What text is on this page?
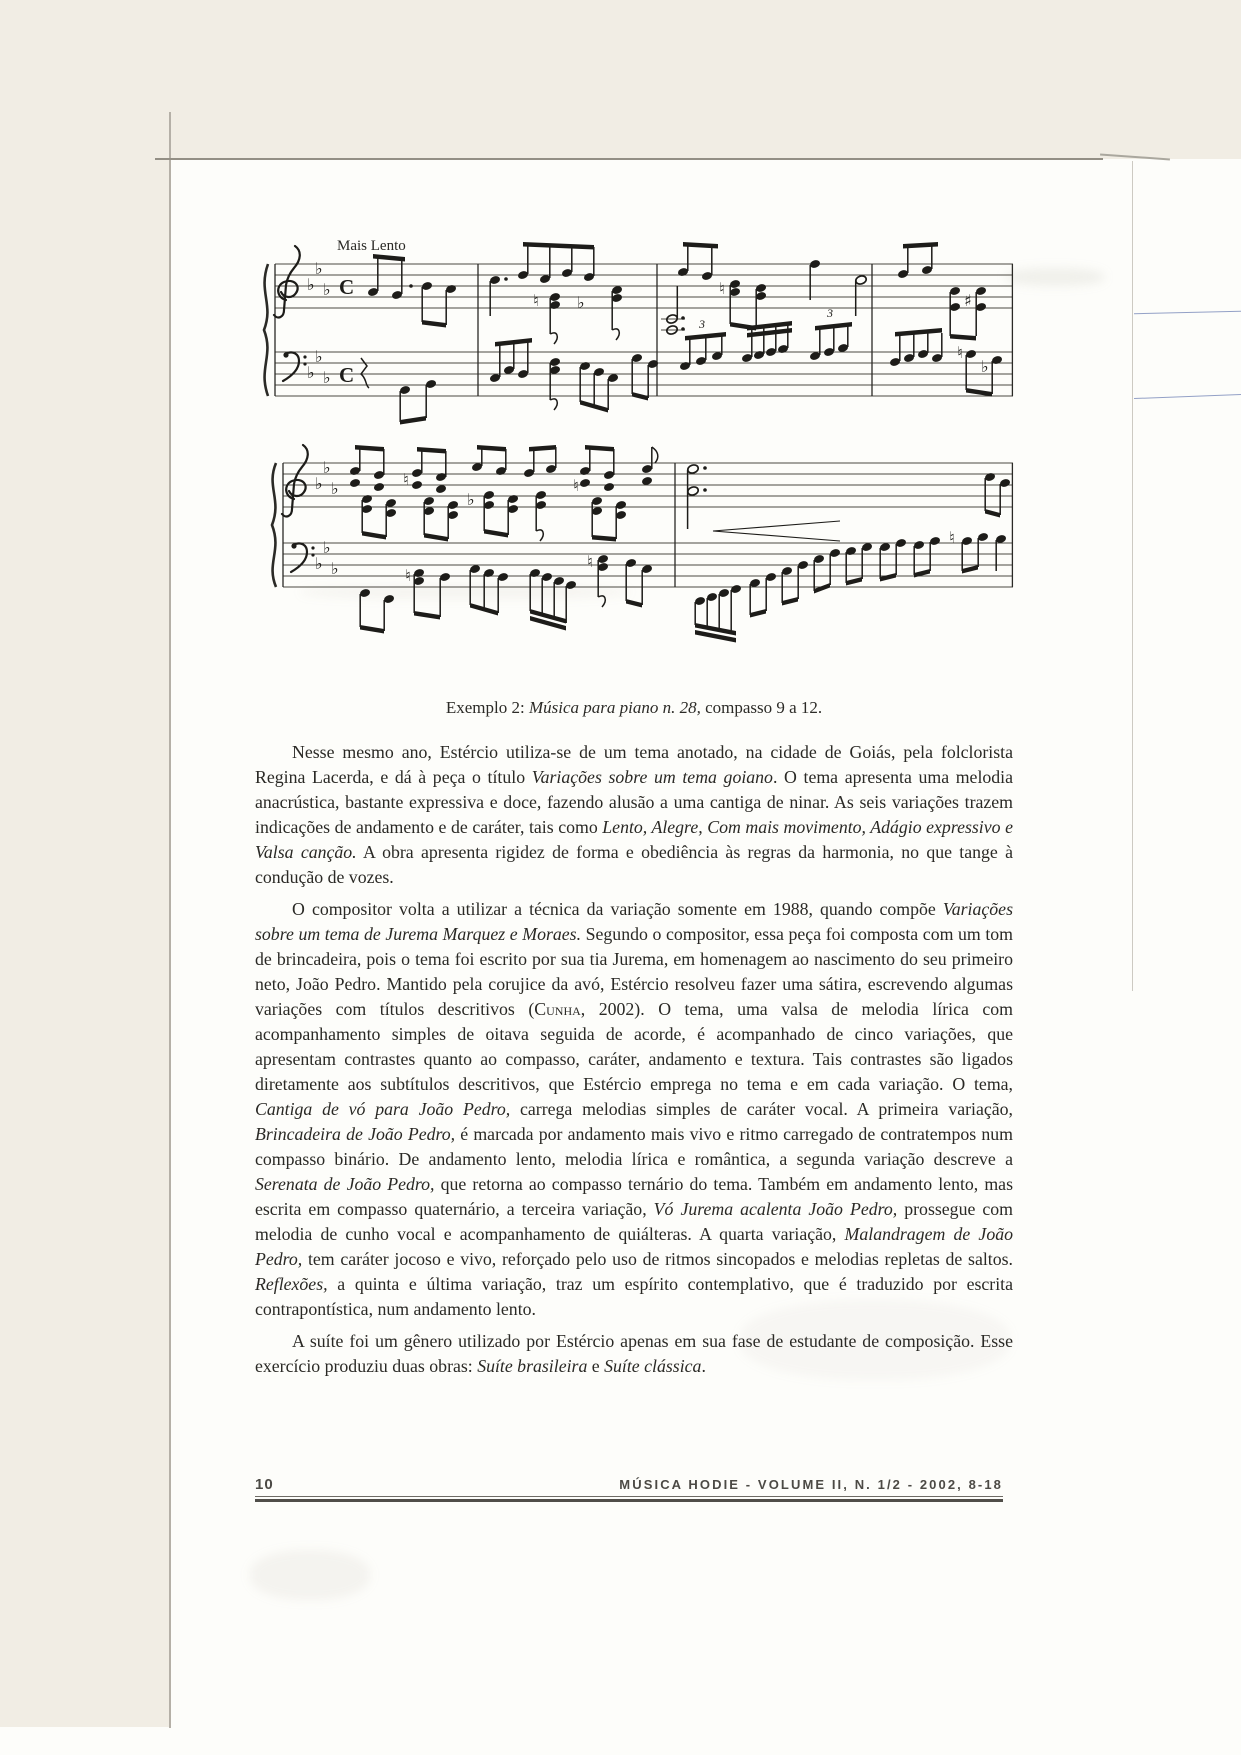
Mais Lento
♭
♭
♭
♭
♭
♭
C
C
♮ ♭
♮
♯
3
3
♮
♭
♭
♭
♭
♭
♭
♭
♮
♭
♮
♮
♮
♮
Exemplo 2: Música para piano n. 28, compasso 9 a 12.

Nesse mesmo ano, Estércio utiliza-se de um tema anotado, na cidade de Goiás, pela folclorista Regina Lacerda, e dá à peça o título Variações sobre um tema goiano. O tema apresenta uma melodia anacrústica, bastante expressiva e doce, fazendo alusão a uma cantiga de ninar. As seis variações trazem indicações de andamento e de caráter, tais como Lento, Alegre, Com mais movimento, Adágio expressivo e Valsa canção. A obra apresenta rigidez de forma e obediência às regras da harmonia, no que tange à condução de vozes.

O compositor volta a utilizar a técnica da variação somente em 1988, quando compõe Variações sobre um tema de Jurema Marquez e Moraes. Segundo o compositor, essa peça foi composta com um tom de brincadeira, pois o tema foi escrito por sua tia Jurema, em homenagem ao nascimento do seu primeiro neto, João Pedro. Mantido pela corujice da avó, Estércio resolveu fazer uma sátira, escrevendo algumas variações com títulos descritivos (Cunha, 2002). O tema, uma valsa de melodia lírica com acompanhamento simples de oitava seguida de acorde, é acompanhado de cinco variações, que apresentam contrastes quanto ao compasso, caráter, andamento e textura. Tais contrastes são ligados diretamente aos subtítulos descritivos, que Estércio emprega no tema e em cada variação. O tema, Cantiga de vó para João Pedro, carrega melodias simples de caráter vocal. A primeira variação, Brincadeira de João Pedro, é marcada por andamento mais vivo e ritmo carregado de contratempos num compasso binário. De andamento lento, melodia lírica e romântica, a segunda variação descreve a Serenata de João Pedro, que retorna ao compasso ternário do tema. Também em andamento lento, mas escrita em compasso quaternário, a terceira variação, Vó Jurema acalenta João Pedro, prossegue com melodia de cunho vocal e acompanhamento de quiálteras. A quarta variação, Malandragem de João Pedro, tem caráter jocoso e vivo, reforçado pelo uso de ritmos sincopados e melodias repletas de saltos. Reflexões, a quinta e última variação, traz um espírito contemplativo, que é traduzido por escrita contrapontística, num andamento lento.

A suíte foi um gênero utilizado por Estércio apenas em sua fase de estudante de composição. Esse exercício produziu duas obras: Suíte brasileira e Suíte clássica.

10	MÚSICA HODIE - VOLUME II, N. 1/2 - 2002, 8-18
